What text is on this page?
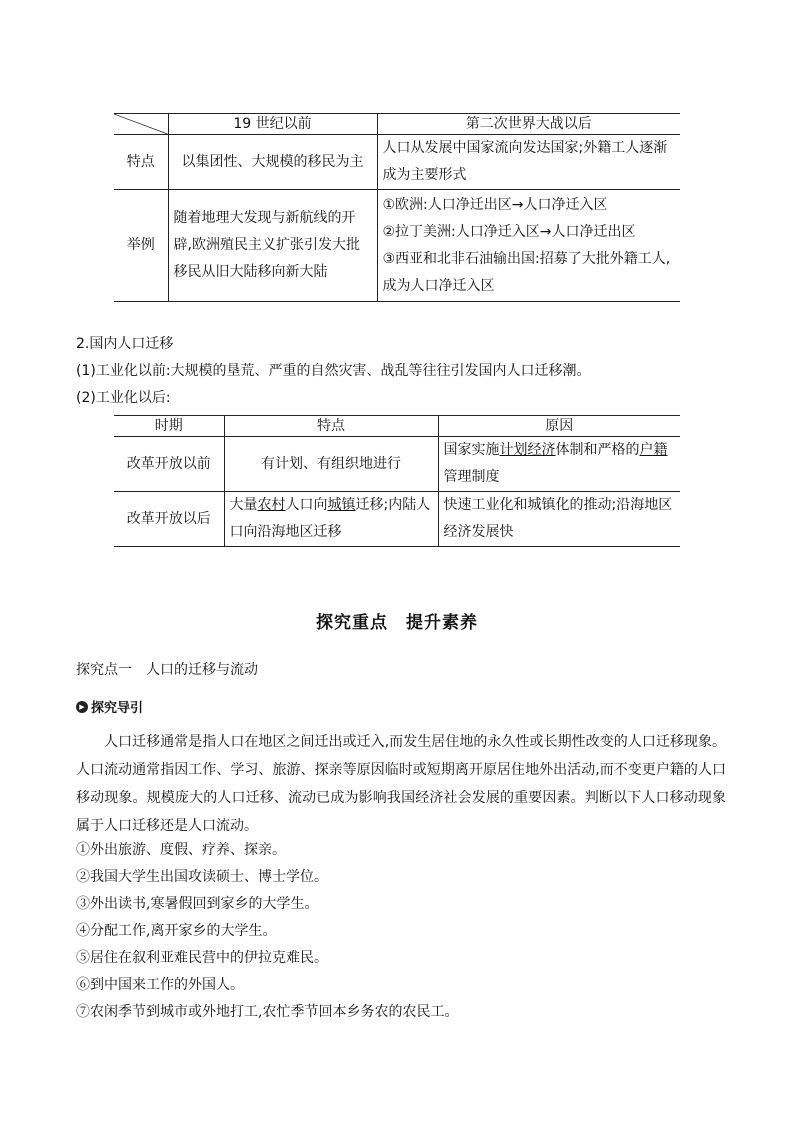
	19 世纪以前	第二次世界大战以后
特点	以集团性、大规模的移民为主	人口从发展中国家流向发达国家;外籍工人逐渐成为主要形式
举例	随着地理大发现与新航线的开辟,欧洲殖民主义扩张引发大批移民从旧大陆移向新大陆	①欧洲:人口净迁出区→人口净迁入区
②拉丁美洲:人口净迁入区→人口净迁出区
③西亚和北非石油输出国:招募了大批外籍工人,成为人口净迁入区

2.国内人口迁移

(1)工业化以前:大规模的垦荒、严重的自然灾害、战乱等往往引发国内人口迁移潮。

(2)工业化以后:

时期	特点	原因
改革开放以前	有计划、有组织地进行	国家实施计划经济体制和严格的户籍管理制度
改革开放以后	大量农村人口向城镇迁移;内陆人口向沿海地区迁移	快速工业化和城镇化的推动;沿海地区经济发展快
探究重点　提升素养

探究点一　人口的迁移与流动

▶ 探究导引

人口迁移通常是指人口在地区之间迁出或迁入,而发生居住地的永久性或长期性改变的人口迁移现象。人口流动通常指因工作、学习、旅游、探亲等原因临时或短期离开原居住地外出活动,而不变更户籍的人口移动现象。规模庞大的人口迁移、流动已成为影响我国经济社会发展的重要因素。判断以下人口移动现象属于人口迁移还是人口流动。

①外出旅游、度假、疗养、探亲。

②我国大学生出国攻读硕士、博士学位。

③外出读书,寒暑假回到家乡的大学生。

④分配工作,离开家乡的大学生。

⑤居住在叙利亚难民营中的伊拉克难民。

⑥到中国来工作的外国人。

⑦农闲季节到城市或外地打工,农忙季节回本乡务农的农民工。
